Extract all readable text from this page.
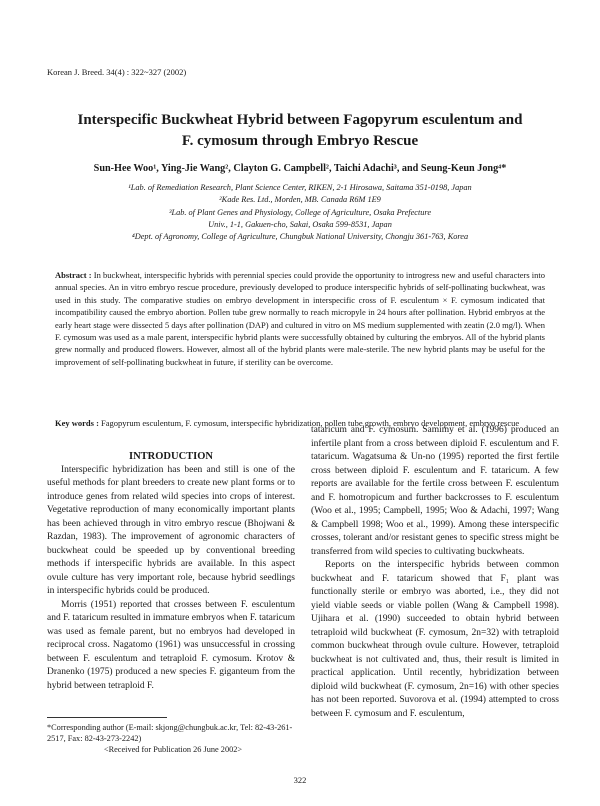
Korean J. Breed. 34(4) : 322~327 (2002)
Interspecific Buckwheat Hybrid between Fagopyrum esculentum and
F. cymosum through Embryo Rescue
Sun-Hee Woo¹, Ying-Jie Wang², Clayton G. Campbell², Taichi Adachi³, and Seung-Keun Jong⁴*
¹Lab. of Remediation Research, Plant Science Center, RIKEN, 2-1 Hirosawa, Saitama 351-0198, Japan
²Kade Res. Ltd., Morden, MB. Canada R6M 1E9
³Lab. of Plant Genes and Physiology, College of Agriculture, Osaka Prefecture
Univ., 1-1, Gakuen-cho, Sakai, Osaka 599-8531, Japan
⁴Dept. of Agronomy, College of Agriculture, Chungbuk National University, Chongju 361-763, Korea

Abstract : In buckwheat, interspecific hybrids with perennial species could provide the opportunity to introgress new and useful characters into annual species. An in vitro embryo rescue procedure, previously developed to produce interspecific hybrids of self-pollinating buckwheat, was used in this study. The comparative studies on embryo development in interspecific cross of F. esculentum × F. cymosum indicated that incompatibility caused the embryo abortion. Pollen tube grew normally to reach micropyle in 24 hours after pollination. Hybrid embryos at the early heart stage were dissected 5 days after pollination (DAP) and cultured in vitro on MS medium supplemented with zeatin (2.0 mg/l). When F. cymosum was used as a male parent, interspecific hybrid plants were successfully obtained by culturing the embryos. All of the hybrid plants grew normally and produced flowers. However, almost all of the hybrid plants were male-sterile. The new hybrid plants may be useful for the improvement of self-pollinating buckwheat in future, if sterility can be overcome.

Key words : Fagopyrum esculentum, F. cymosum, interspecific hybridization, pollen tube growth, embryo development, embryo rescue

INTRODUCTION

Interspecific hybridization has been and still is one of the useful methods for plant breeders to create new plant forms or to introduce genes from related wild species into crops of interest. Vegetative reproduction of many economically important plants has been achieved through in vitro embryo rescue (Bhojwani & Razdan, 1983). The improvement of agronomic characters of buckwheat could be speeded up by conventional breeding methods if interspecific hybrids are available. In this aspect ovule culture has very important role, because hybrid seedlings in interspecific hybrids could be produced.

Morris (1951) reported that crosses between F. esculentum and F. tataricum resulted in immature embryos when F. tataricum was used as female parent, but no embryos had developed in reciprocal cross. Nagatomo (1961) was unsuccessful in crossing between F. esculentum and tetraploid F. cymosum. Krotov & Dranenko (1975) produced a new species F. giganteum from the hybrid between tetraploid F.

tataricum and F. cymosum. Samimy et al. (1996) produced an infertile plant from a cross between diploid F. esculentum and F. tataricum. Wagatsuma & Un-no (1995) reported the first fertile cross between diploid F. esculentum and F. tataricum. A few reports are available for the fertile cross between F. esculentum and F. homotropicum and further backcrosses to F. esculentum (Woo et al., 1995; Campbell, 1995; Woo & Adachi, 1997; Wang & Campbell 1998; Woo et al., 1999). Among these interspecific crosses, tolerant and/or resistant genes to specific stress might be transferred from wild species to cultivating buckwheats.

Reports on the interspecific hybrids between common buckwheat and F. tataricum showed that F₁ plant was functionally sterile or embryo was aborted, i.e., they did not yield viable seeds or viable pollen (Wang & Campbell 1998). Ujihara et al. (1990) succeeded to obtain hybrid between tetraploid wild buckwheat (F. cymosum, 2n=32) with tetraploid common buckwheat through ovule culture. However, tetraploid buckwheat is not cultivated and, thus, their result is limited in practical application. Until recently, hybridization between diploid wild buckwheat (F. cymosum, 2n=16) with other species has not been reported. Suvorova et al. (1994) attempted to cross between F. cymosum and F. esculentum,

*Corresponding author (E-mail: skjong@chungbuk.ac.kr, Tel: 82-43-261-2517, Fax: 82-43-273-2242)

<Received for Publication 26 June 2002>

322
